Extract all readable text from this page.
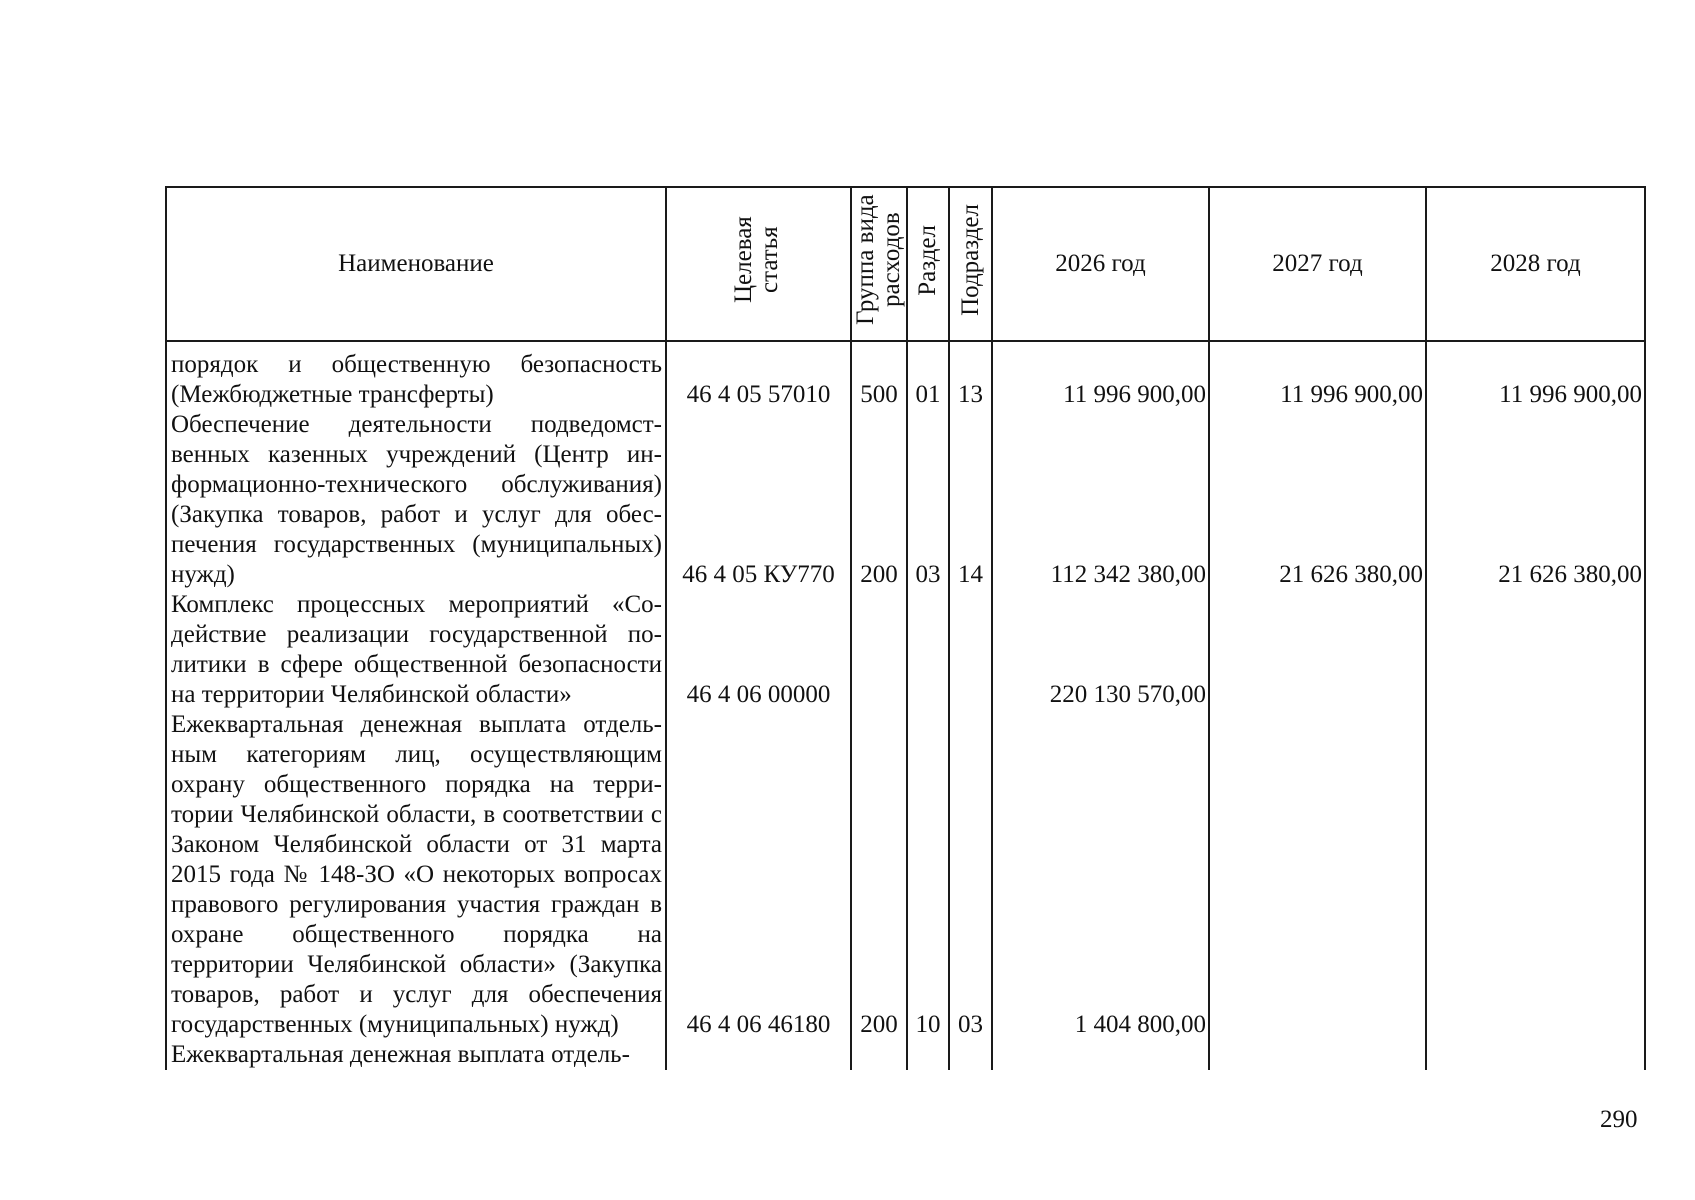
Наименование	Целевая статья	Группа вида расходов	Раздел	Подраздел	2026 год	2027 год	2028 год

порядок и общественную безопасность (Межбюджетные трансферты)	46 4 05 57010	500	01	13	11 996 900,00	11 996 900,00	11 996 900,00
Обеспечение деятельности подведомственных казенных учреждений (Центр информационно-технического обслуживания) (Закупка товаров, работ и услуг для обеспечения государственных (муниципальных) нужд)	46 4 05 КУ770	200	03	14	112 342 380,00	21 626 380,00	21 626 380,00
Комплекс процессных мероприятий «Содействие реализации государственной политики в сфере общественной безопасности на территории Челябинской области»	46 4 06 00000				220 130 570,00		
Ежеквартальная денежная выплата отдельным категориям лиц, осуществляющим охрану общественного порядка на территории Челябинской области, в соответствии с Законом Челябинской области от 31 марта 2015 года № 148-ЗО «О некоторых вопросах правового регулирования участия граждан в охране общественного порядка на территории Челябинской области» (Закупка товаров, работ и услуг для обеспечения государственных (муниципальных) нужд)	46 4 06 46180	200	10	03	1 404 800,00		
Ежеквартальная денежная выплата отдель-							
290
